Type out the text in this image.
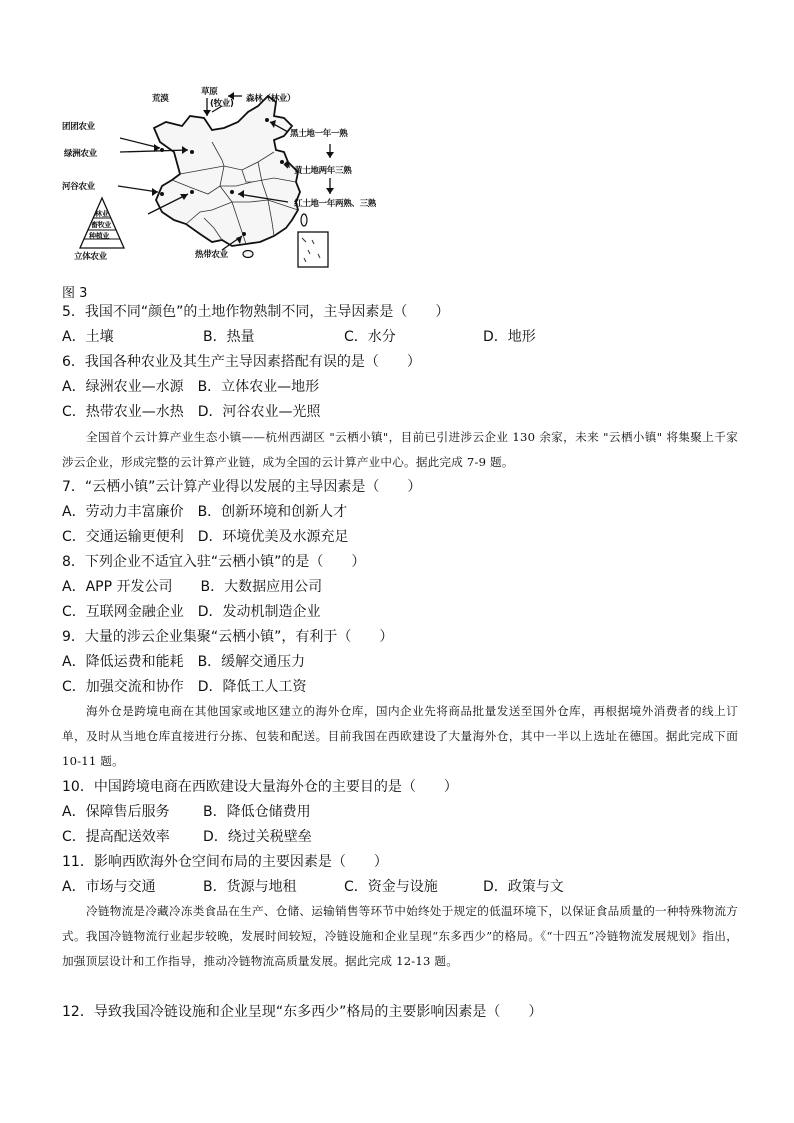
荒漠
草原
(牧业) 森林（林业）
团团农业
绿洲农业
河谷农业
黑土地一年一熟
黄土地两年三熟
红土地一年两熟、三熟
林业
畜牧业
种植业
立体农业	热带农业
图 3
5．我国不同“颜色”的土地作物熟制不同，主导因素是（　　）
A．土壤	B．热量	C．水分	D．地形
6．我国各种农业及其生产主导因素搭配有误的是（　　）
A．绿洲农业—水源　B．立体农业—地形
C．热带农业—水热　D．河谷农业—光照
全国首个云计算产业生态小镇——杭州西湖区 "云栖小镇"，目前已引进涉云企业 130 余家，未来 "云栖小镇" 将集聚上千家涉云企业，形成完整的云计算产业链，成为全国的云计算产业中心。据此完成 7-9 题。
7．“云栖小镇”云计算产业得以发展的主导因素是（　　）
A．劳动力丰富廉价　B．创新环境和创新人才
C．交通运输更便利　D．环境优美及水源充足
8．下列企业不适宜入驻“云栖小镇”的是（　　）
A．APP 开发公司　　B．大数据应用公司
C．互联网金融企业　D．发动机制造企业
9．大量的涉云企业集聚“云栖小镇”，有利于（　　）
A．降低运费和能耗　B．缓解交通压力
C．加强交流和协作　D．降低工人工资
海外仓是跨境电商在其他国家或地区建立的海外仓库，国内企业先将商品批量发送至国外仓库，再根据境外消费者的线上订单，及时从当地仓库直接进行分拣、包装和配送。目前我国在西欧建设了大量海外仓，其中一半以上选址在德国。据此完成下面 10-11 题。
10．中国跨境电商在西欧建设大量海外仓的主要目的是（　　）
A．保障售后服务 B．降低仓储费用
C．提高配送效率 D．绕过关税壁垒
11．影响西欧海外仓空间布局的主要因素是（　　）
A．市场与交通	B．货源与地租	C．资金与设施	D．政策与文
冷链物流是冷藏冷冻类食品在生产、仓储、运输销售等环节中始终处于规定的低温环境下，以保证食品质量的一种特殊物流方式。我国冷链物流行业起步较晚，发展时间较短，冷链设施和企业呈现“东多西少”的格局。《“十四五”冷链物流发展规划》指出，加强顶层设计和工作指导，推动冷链物流高质量发展。据此完成 12-13 题。
12．导致我国冷链设施和企业呈现“东多西少”格局的主要影响因素是（　　）
